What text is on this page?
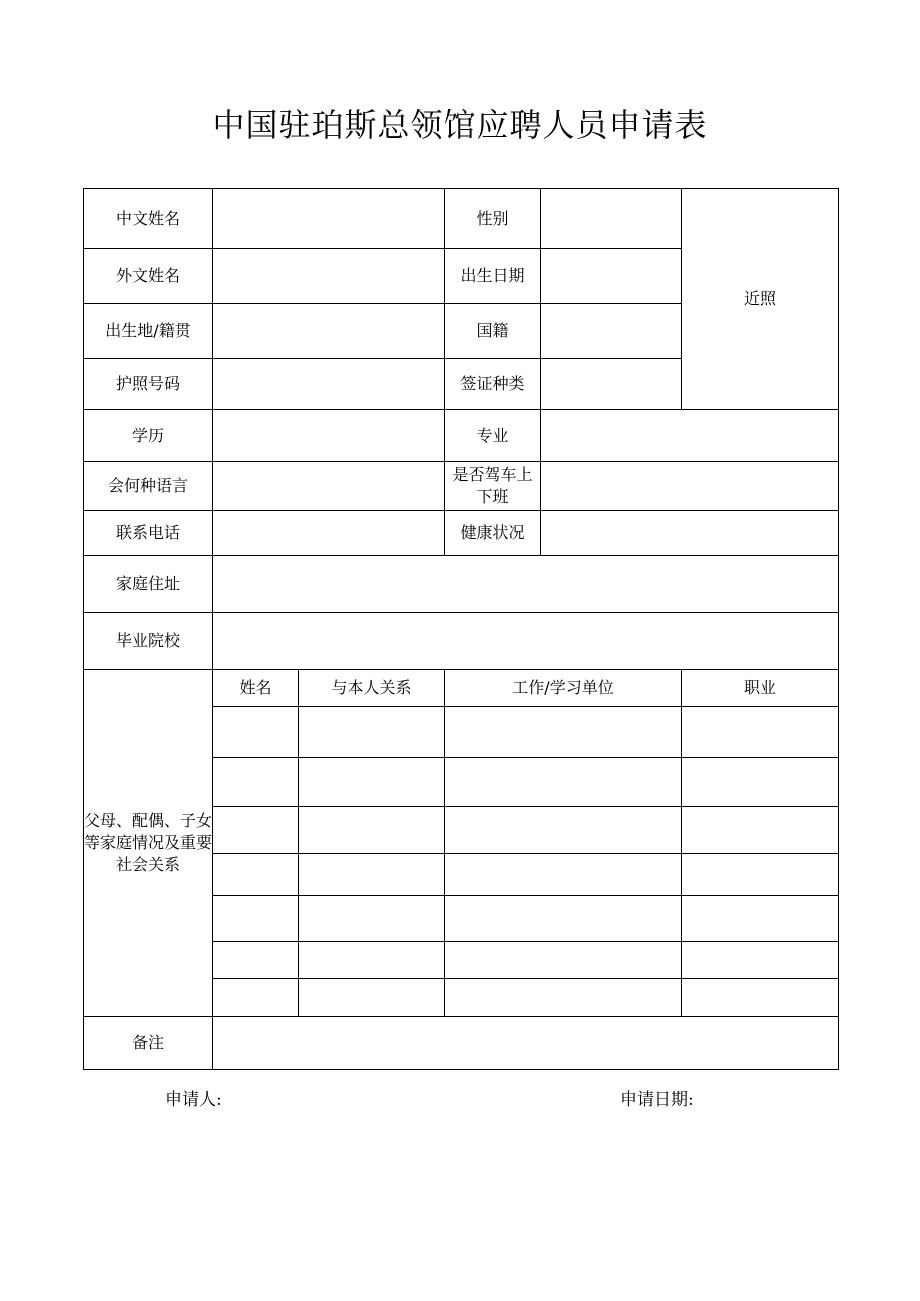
中国驻珀斯总领馆应聘人员申请表
中文姓名			性别		近照
外文姓名			出生日期		
出生地/籍贯			国籍		
护照号码			签证种类		
学历			专业		
会何种语言			是否驾车上下班		
联系电话			健康状况		
家庭住址					
毕业院校					
父母、配偶、子女等家庭情况及重要社会关系	姓名	与本人关系	工作/学习单位		职业

备注					
申请人:	申请日期:
